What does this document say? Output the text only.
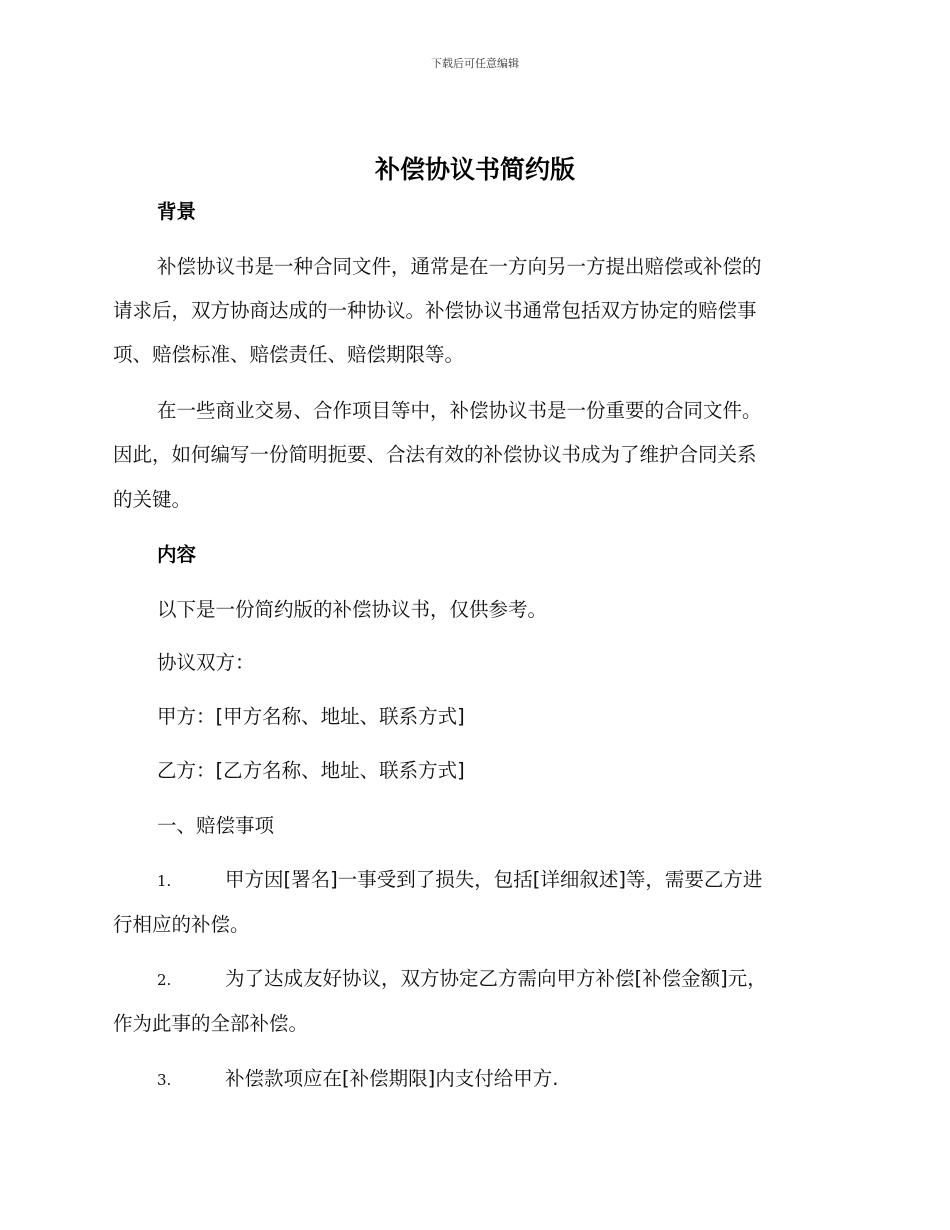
下载后可任意编辑
补偿协议书简约版
背景
补偿协议书是一种合同文件，通常是在一方向另一方提出赔偿或补偿的
请求后，双方协商达成的一种协议。补偿协议书通常包括双方协定的赔偿事
项、赔偿标准、赔偿责任、赔偿期限等。
在一些商业交易、合作项目等中，补偿协议书是一份重要的合同文件。
因此，如何编写一份简明扼要、合法有效的补偿协议书成为了维护合同关系
的关键。
内容
以下是一份简约版的补偿协议书，仅供参考。
协议双方：
甲方：[甲方名称、地址、联系方式]
乙方：[乙方名称、地址、联系方式]
一、赔偿事项
1.	甲方因[署名]一事受到了损失，包括[详细叙述]等，需要乙方进
行相应的补偿。
2.	为了达成友好协议，双方协定乙方需向甲方补偿[补偿金额]元，
作为此事的全部补偿。
3.	补偿款项应在[补偿期限]内支付给甲方.
